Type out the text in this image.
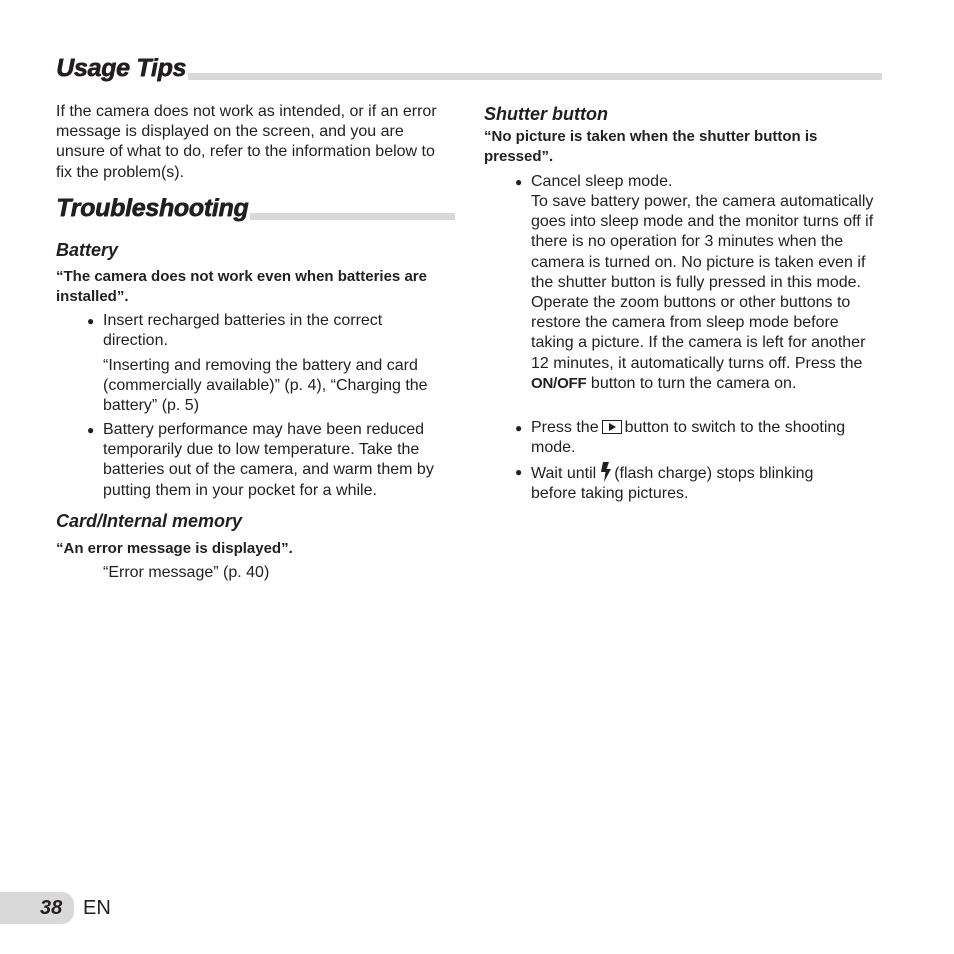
Usage Tips
If the camera does not work as intended, or if an error message is displayed on the screen, and you are unsure of what to do, refer to the information below to fix the problem(s).
Troubleshooting
Battery
“The camera does not work even when batteries are installed”.
● Insert recharged batteries in the correct direction.
“Inserting and removing the battery and card (commercially available)” (p. 4), “Charging the battery” (p. 5)
● Battery performance may have been reduced temporarily due to low temperature. Take the batteries out of the camera, and warm them by putting them in your pocket for a while.
Card/Internal memory
“An error message is displayed”.
“Error message” (p. 40)
Shutter button
“No picture is taken when the shutter button is pressed”.
● Cancel sleep mode.
To save battery power, the camera automatically goes into sleep mode and the monitor turns off if there is no operation for 3 minutes when the camera is turned on. No picture is taken even if the shutter button is fully pressed in this mode. Operate the zoom buttons or other buttons to restore the camera from sleep mode before taking a picture. If the camera is left for another 12 minutes, it automatically turns off. Press the ON/OFF button to turn the camera on.
● Press the button to switch to the shooting mode.
● Wait until (flash charge) stops blinking before taking pictures.
38	EN
